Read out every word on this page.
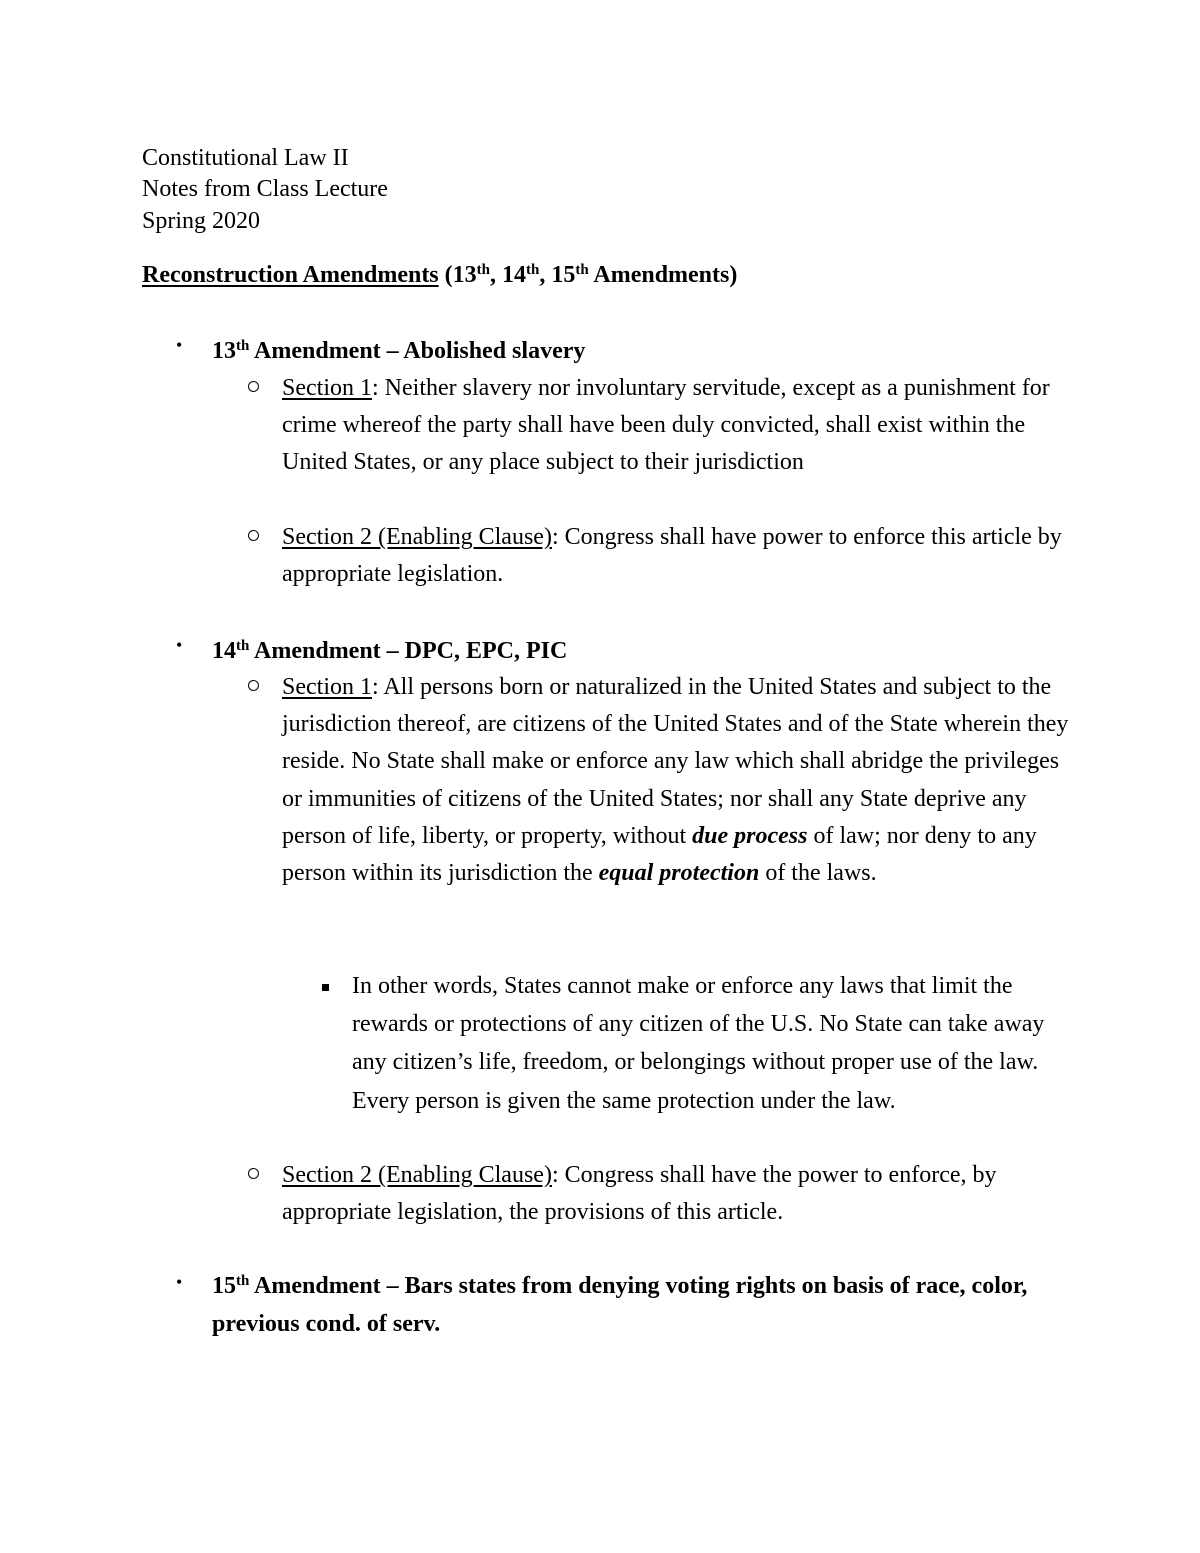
Constitutional Law II
Notes from Class Lecture
Spring 2020
Reconstruction Amendments (13th, 14th, 15th Amendments)
• 13th Amendment – Abolished slavery
Section 1: Neither slavery nor involuntary servitude, except as a punishment for crime whereof the party shall have been duly convicted, shall exist within the United States, or any place subject to their jurisdiction
Section 2 (Enabling Clause): Congress shall have power to enforce this article by appropriate legislation.
• 14th Amendment – DPC, EPC, PIC
Section 1: All persons born or naturalized in the United States and subject to the jurisdiction thereof, are citizens of the United States and of the State wherein they reside. No State shall make or enforce any law which shall abridge the privileges or immunities of citizens of the United States; nor shall any State deprive any person of life, liberty, or property, without due process of law; nor deny to any person within its jurisdiction the equal protection of the laws.
In other words, States cannot make or enforce any laws that limit the rewards or protections of any citizen of the U.S. No State can take away any citizen’s life, freedom, or belongings without proper use of the law. Every person is given the same protection under the law.
Section 2 (Enabling Clause): Congress shall have the power to enforce, by appropriate legislation, the provisions of this article.
• 15th Amendment – Bars states from denying voting rights on basis of race, color, previous cond. of serv.
